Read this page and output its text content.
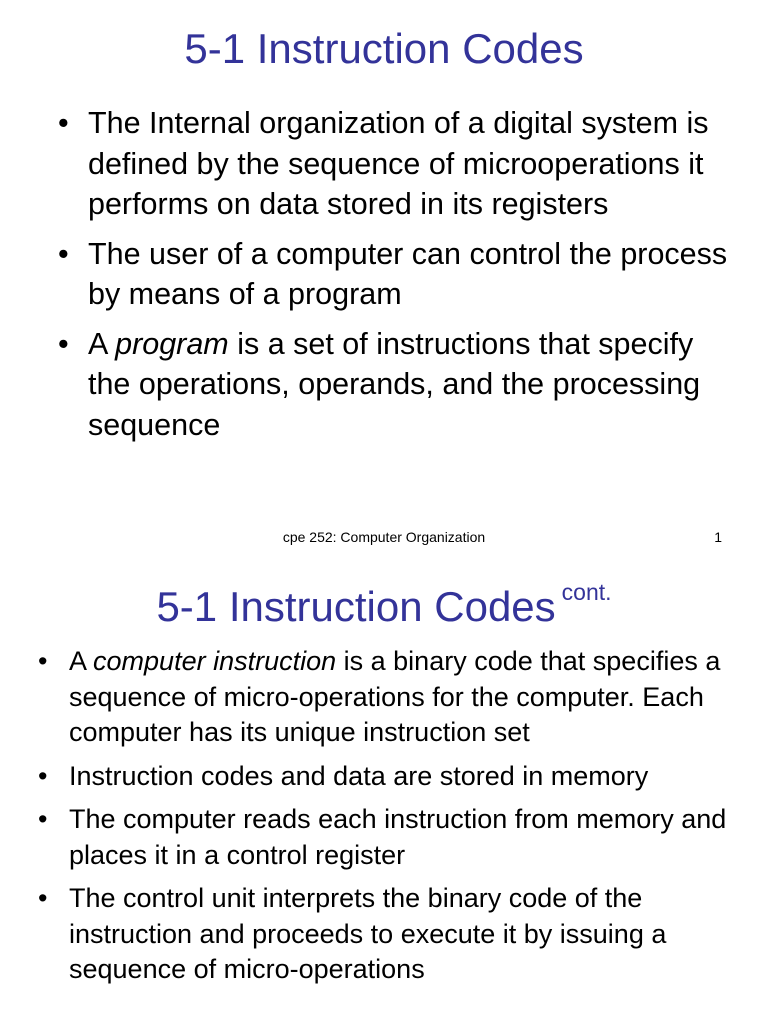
5-1 Instruction Codes
• The Internal organization of a digital system is defined by the sequence of microoperations it performs on data stored in its registers
• The user of a computer can control the process by means of a program
• A program is a set of instructions that specify the operations, operands, and the processing sequence
cpe 252: Computer Organization	1
5-1 Instruction Codes $^{cont.}$
• A computer instruction is a binary code that specifies a sequence of micro-operations for the computer. Each computer has its unique instruction set
• Instruction codes and data are stored in memory
• The computer reads each instruction from memory and places it in a control register
• The control unit interprets the binary code of the instruction and proceeds to execute it by issuing a sequence of micro-operations
